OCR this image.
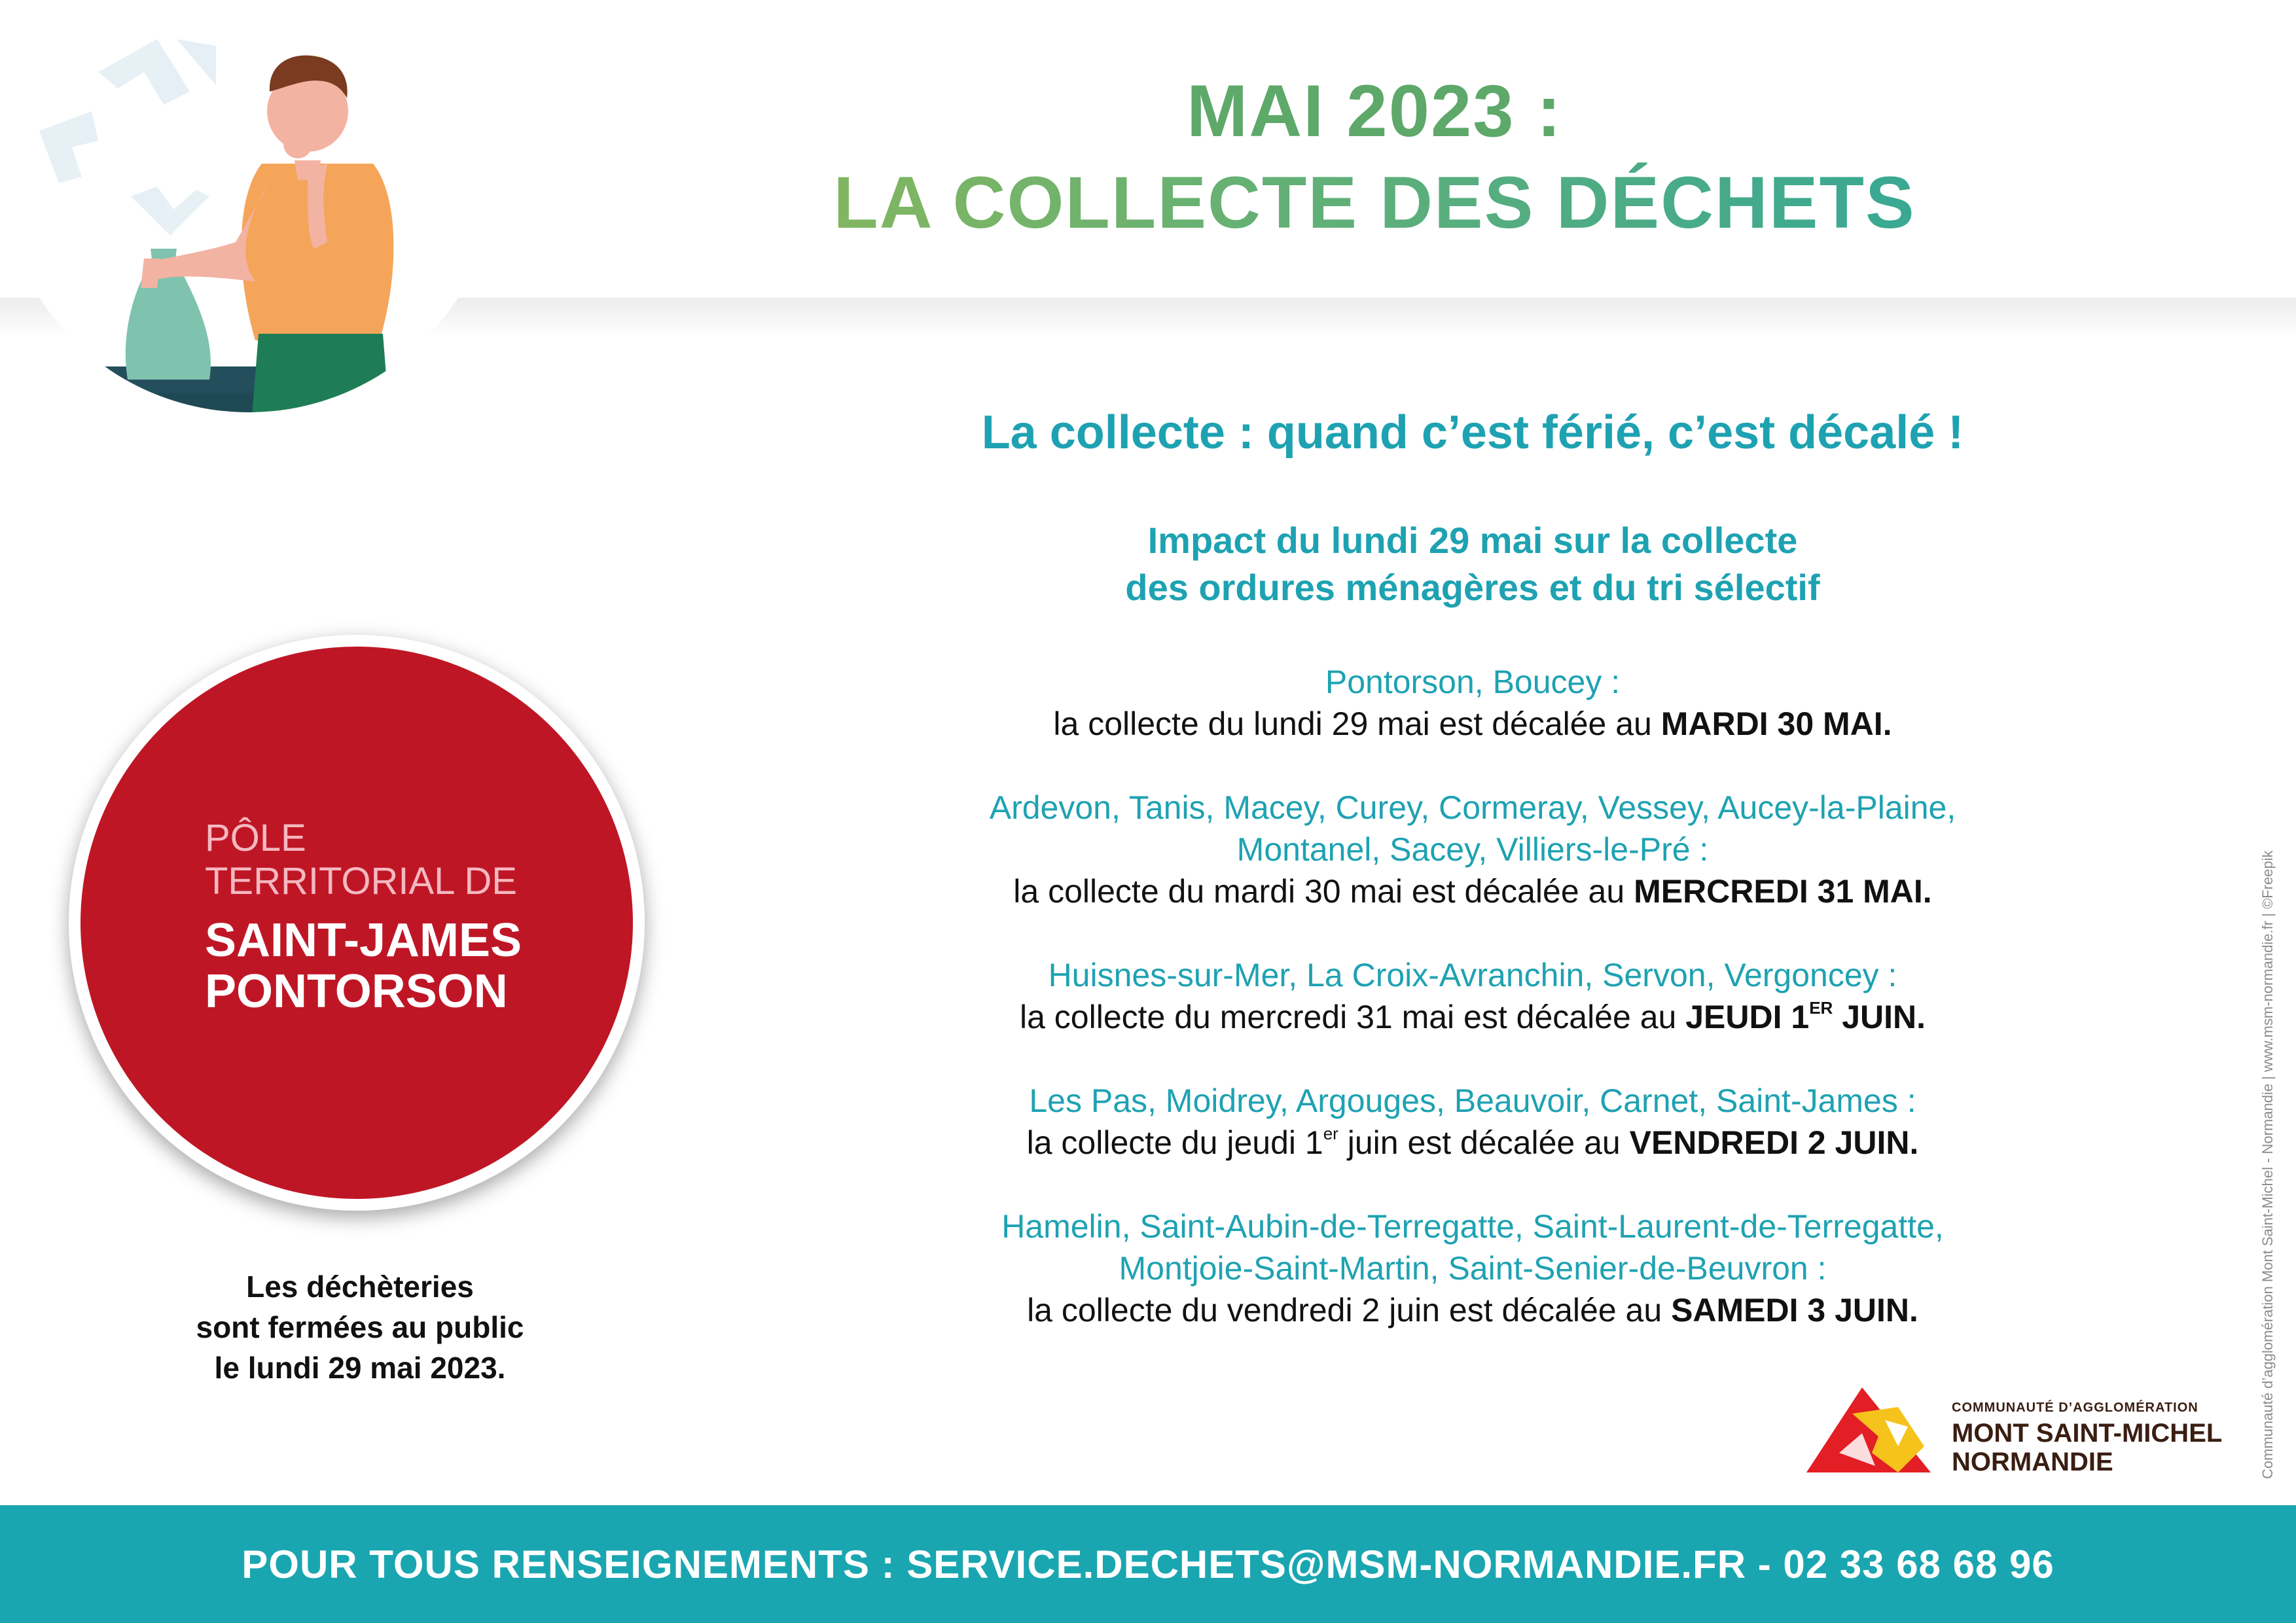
MAI 2023 :
LA COLLECTE DES DÉCHETS
La collecte : quand c’est férié, c’est décalé !
Impact du lundi 29 mai sur la collecte
des ordures ménagères et du tri sélectif
Pontorson, Boucey :
la collecte du lundi 29 mai est décalée au MARDI 30 MAI.
Ardevon, Tanis, Macey, Curey, Cormeray, Vessey, Aucey-la-Plaine,
Montanel, Sacey, Villiers-le-Pré :
la collecte du mardi 30 mai est décalée au MERCREDI 31 MAI.
Huisnes-sur-Mer, La Croix-Avranchin, Servon, Vergoncey :
la collecte du mercredi 31 mai est décalée au JEUDI 1ER JUIN.
Les Pas, Moidrey, Argouges, Beauvoir, Carnet, Saint-James :
la collecte du jeudi 1er juin est décalée au VENDREDI 2 JUIN.
Hamelin, Saint-Aubin-de-Terregatte, Saint-Laurent-de-Terregatte,
Montjoie-Saint-Martin, Saint-Senier-de-Beuvron :
la collecte du vendredi 2 juin est décalée au SAMEDI 3 JUIN.
PÔLE
TERRITORIAL DE
SAINT-JAMES
PONTORSON
Les déchèteries
sont fermées au public
le lundi 29 mai 2023.
COMMUNAUTÉ D’AGGLOMÉRATION
MONT SAINT-MICHEL
NORMANDIE	Communauté d’agglomération Mont Saint-Michel - Normandie | www.msm-normandie.fr | ©Freepik

POUR TOUS RENSEIGNEMENTS : SERVICE.DECHETS@MSM-NORMANDIE.FR - 02 33 68 68 96
